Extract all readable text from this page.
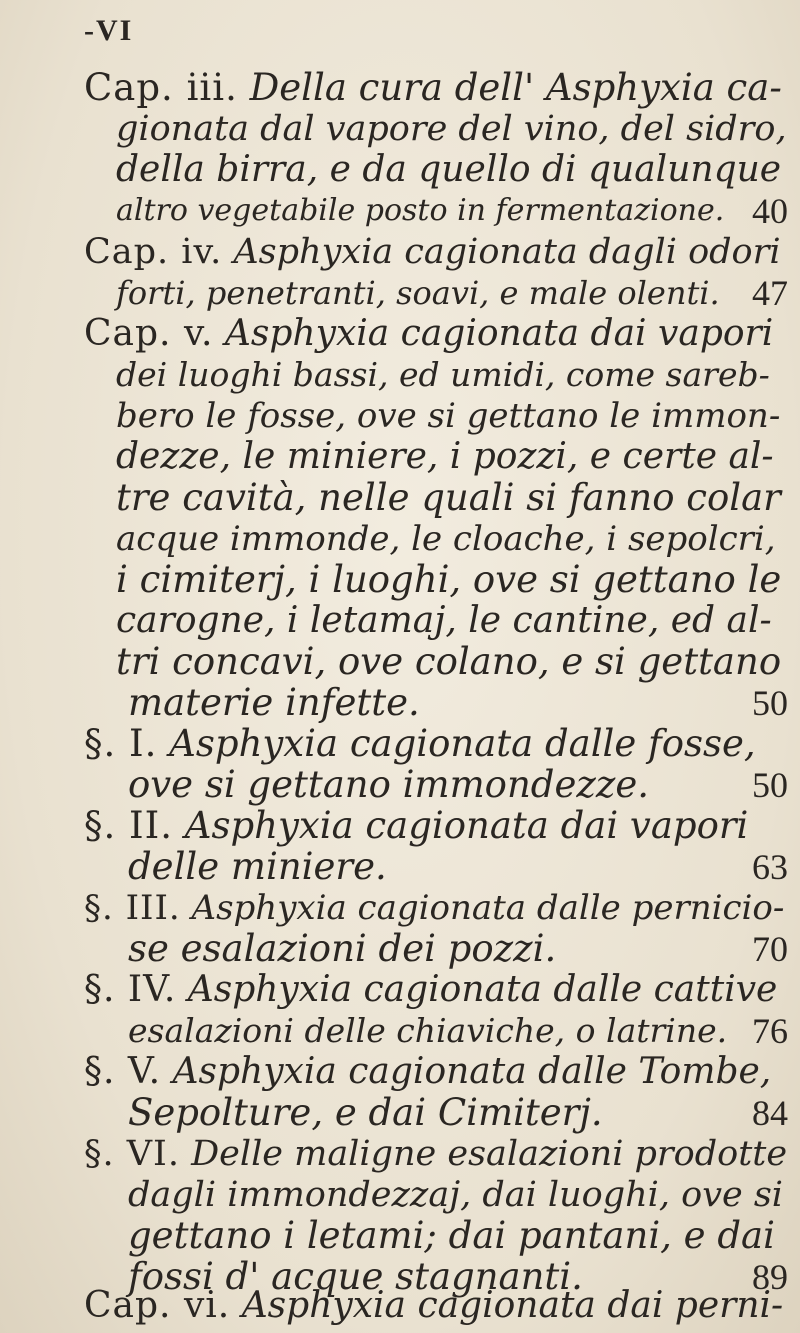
-VI
Cap. iii. Della cura dell' Asphyxia ca-
gionata dal vapore del vino, del sidro,
della birra, e da quello di qualunque
altro vegetabile posto in fermentazione. 40
Cap. iv. Asphyxia cagionata dagli odori
forti, penetranti, soavi, e male olenti. 47
Cap. v. Asphyxia cagionata dai vapori
dei luoghi bassi, ed umidi, come sareb-
bero le fosse, ove si gettano le immon-
dezze, le miniere, i pozzi, e certe al-
tre cavità, nelle quali si fanno colar
acque immonde, le cloache, i sepolcri,
i cimiterj, i luoghi, ove si gettano le
carogne, i letamaj, le cantine, ed al-
tri concavi, ove colano, e si gettano
materie infette.	50
§. I. Asphyxia cagionata dalle fosse,
ove si gettano immondezze.	50
§. II. Asphyxia cagionata dai vapori
delle miniere.	63
§. III. Asphyxia cagionata dalle pernicio-
se esalazioni dei pozzi.	70
§. IV. Asphyxia cagionata dalle cattive
esalazioni delle chiaviche, o latrine. 76
§. V. Asphyxia cagionata dalle Tombe,
Sepolture, e dai Cimiterj.	84
§. VI. Delle maligne esalazioni prodotte
dagli immondezzaj, dai luoghi, ove si
gettano i letami; dai pantani, e dai
fossi d' acque stagnanti.	89
Cap. vi. Asphyxia cagionata dai perni-
